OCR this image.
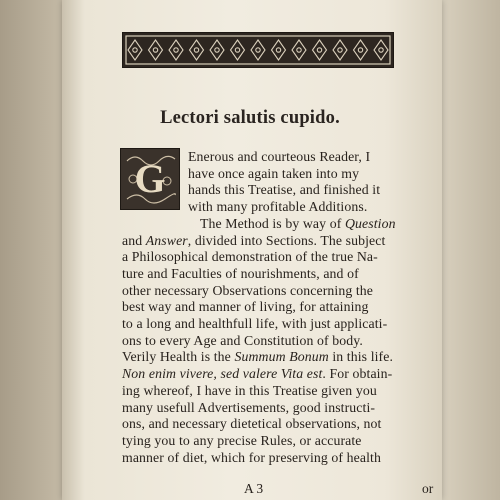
Lectori salutis cupido.
G Enerous and courteous Reader, I
have once again taken into my
hands this Treatise, and finished it
with many profitable Additions.
The Method is by way of Question
and Answer, divided into Sections. The subject
a Philosophical demonstration of the true Na-
ture and Faculties of nourishments, and of
other necessary Observations concerning the
best way and manner of living, for attaining
to a long and healthfull life, with just applicati-
ons to every Age and Constitution of body.
Verily Health is the Summum Bonum in this life.
Non enim vivere, sed valere Vita est. For obtain-
ing whereof, I have in this Treatise given you
many usefull Advertisements, good instructi-
ons, and necessary dietetical observations, not
tying you to any precise Rules, or accurate
manner of diet, which for preserving of health
A 3	or
